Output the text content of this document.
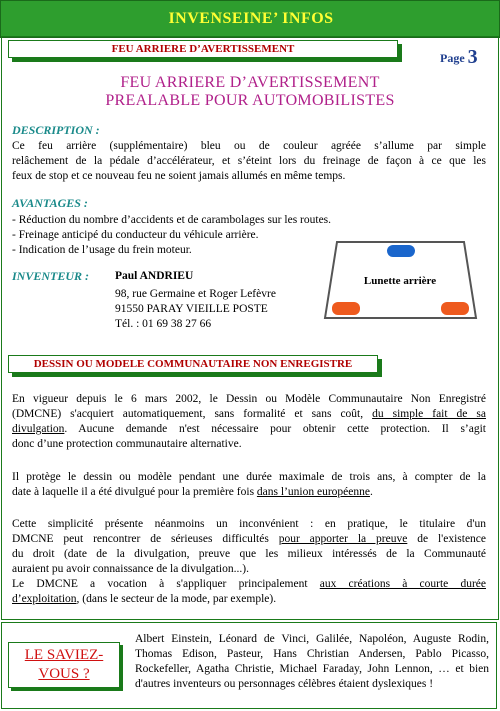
INVENSEINE’ INFOS
FEU ARRIERE D’AVERTISSEMENT
Page 3
FEU ARRIERE D’AVERTISSEMENT
PREALABLE POUR AUTOMOBILISTES
DESCRIPTION :
Ce feu arrière (supplémentaire) bleu ou de couleur agréée s’allume par simple
relâchement de la pédale d’accélérateur, et s’éteint lors du freinage de façon à ce que les
feux de stop et ce nouveau feu ne soient jamais allumés en même temps.
AVANTAGES :
- Réduction du nombre d’accidents et de carambolages sur les routes.
- Freinage anticipé du conducteur du véhicule arrière.
- Indication de l’usage du frein moteur.
INVENTEUR : Paul ANDRIEU
98, rue Germaine et Roger Lefèvre
91550 PARAY VIEILLE POSTE
Tél. : 01 69 38 27 66
Lunette arrière
DESSIN OU MODELE COMMUNAUTAIRE NON ENREGISTRE
En vigueur depuis le 6 mars 2002, le Dessin ou Modèle Communautaire Non Enregistré
(DMCNE) s'acquiert automatiquement, sans formalité et sans coût, du simple fait de sa
divulgation. Aucune demande n'est nécessaire pour obtenir cette protection. Il s’agit
donc d’une protection communautaire alternative.
Il protège le dessin ou modèle pendant une durée maximale de trois ans, à compter de la
date à laquelle il a été divulgué pour la première fois dans l’union européenne.
Cette simplicité présente néanmoins un inconvénient : en pratique, le titulaire d'un
DMCNE peut rencontrer de sérieuses difficultés pour apporter la preuve de l'existence
du droit (date de la divulgation, preuve que les milieux intéressés de la Communauté
auraient pu avoir connaissance de la divulgation...).
Le DMCNE a vocation à s'appliquer principalement aux créations à courte durée
d’exploitation, (dans le secteur de la mode, par exemple).
LE SAVIEZ-
VOUS ?
Albert Einstein, Léonard de Vinci, Galilée, Napoléon, Auguste Rodin, Thomas Edison, Pasteur, Hans Christian Andersen, Pablo Picasso, Rockefeller, Agatha Christie, Michael Faraday, John Lennon, … et bien d'autres inventeurs ou personnages célèbres étaient dyslexiques !
